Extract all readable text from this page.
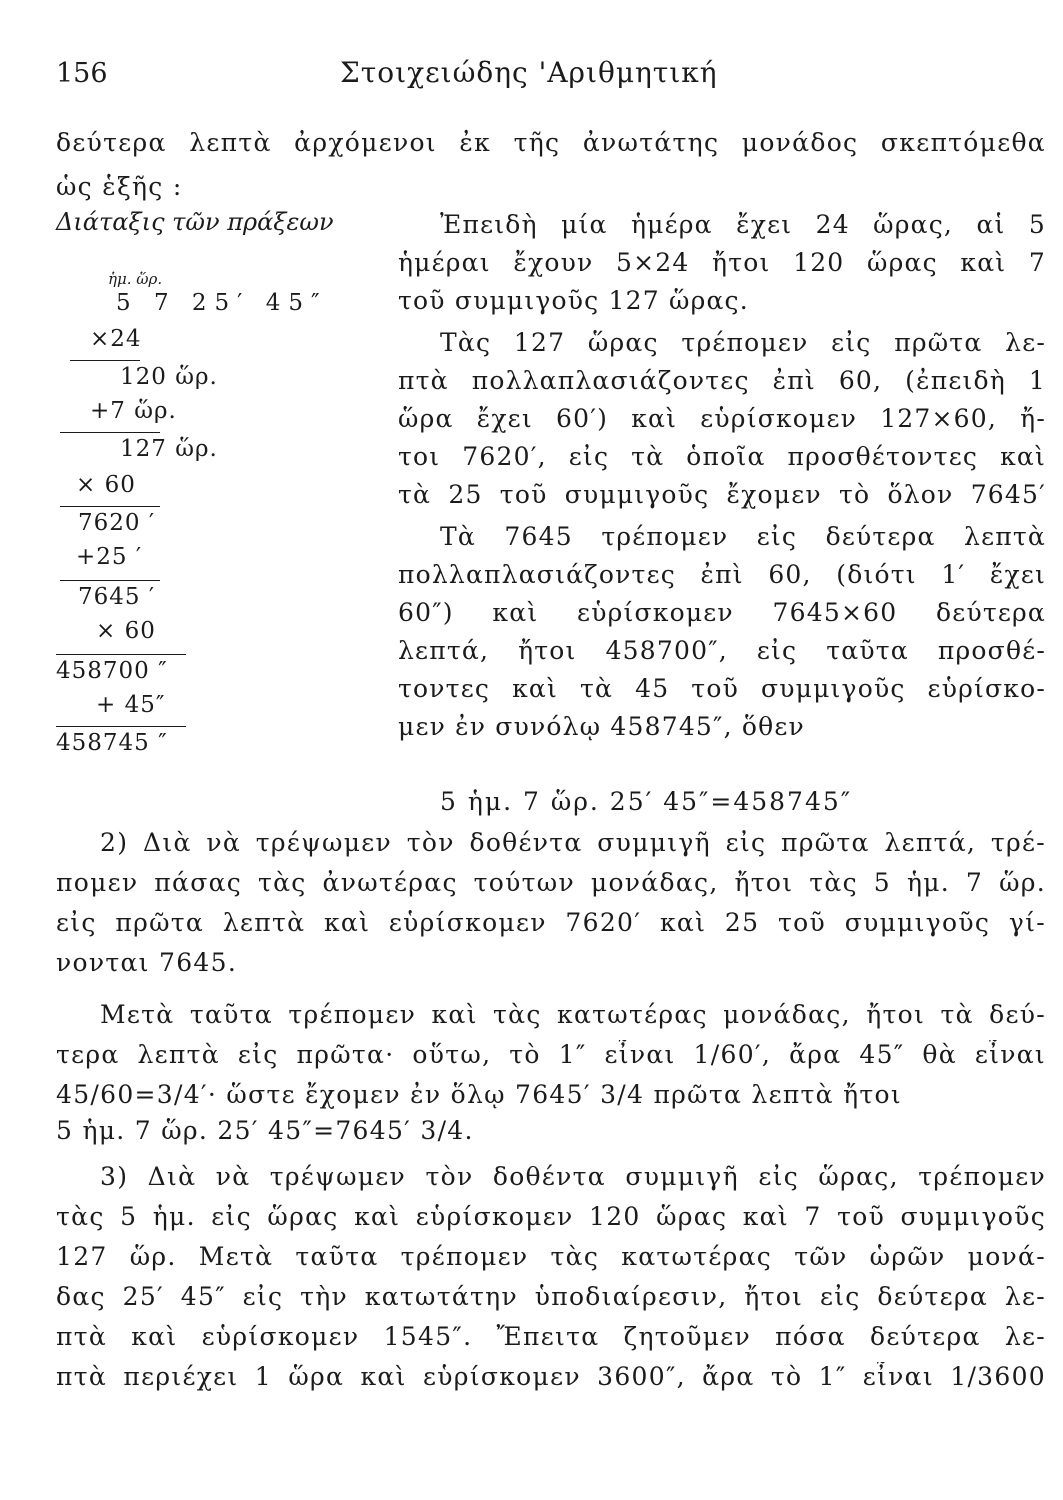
156	Στοιχειώδης 'Αριθμητική
δεύτερα λεπτὰ ἀρχόμενοι ἐκ τῆς ἀνωτάτης μονάδος σκεπτόμεθα
ὡς ἑξῆς :
Διάταξις τῶν πράξεων
ἡμ. ὥρ.
5 7 25′ 45″
×24
120 ὥρ.
+7 ὥρ.
127 ὥρ.
× 60
7620 ′
+25 ′
7645 ′
× 60
458700 ″
+ 45″
458745 ″
Ἐπειδὴ μία ἡμέρα ἔχει 24 ὥρας, αἱ 5
ἡμέραι ἔχουν 5×24 ἤτοι 120 ὥρας καὶ 7
τοῦ συμμιγοῦς 127 ὥρας.
Τὰς 127 ὥρας τρέπομεν εἰς πρῶτα λε-
πτὰ πολλαπλασιάζοντες ἐπὶ 60, (ἐπειδὴ 1
ὥρα ἔχει 60′) καὶ εὑρίσκομεν 127×60, ἤ-
τοι 7620′, εἰς τὰ ὁποῖα προσθέτοντες καὶ
τὰ 25 τοῦ συμμιγοῦς ἔχομεν τὸ ὅλον 7645′
Τὰ 7645 τρέπομεν εἰς δεύτερα λεπτὰ
πολλαπλασιάζοντες ἐπὶ 60, (διότι 1′ ἔχει
60″) καὶ εὑρίσκομεν 7645×60 δεύτερα
λεπτά, ἤτοι 458700″, εἰς ταῦτα προσθέ-
τοντες καὶ τὰ 45 τοῦ συμμιγοῦς εὑρίσκο-
μεν ἐν συνόλῳ 458745″, ὅθεν
5 ἡμ. 7 ὥρ. 25′ 45″=458745″
2) Διὰ νὰ τρέψωμεν τὸν δοθέντα συμμιγῆ εἰς πρῶτα λεπτά, τρέ-
πομεν πάσας τὰς ἀνωτέρας τούτων μονάδας, ἤτοι τὰς 5 ἡμ. 7 ὥρ.
εἰς πρῶτα λεπτὰ καὶ εὑρίσκομεν 7620′ καὶ 25 τοῦ συμμιγοῦς γί-
νονται 7645.
Μετὰ ταῦτα τρέπομεν καὶ τὰς κατωτέρας μονάδας, ἤτοι τὰ δεύ-
τερα λεπτὰ εἰς πρῶτα· οὕτω, τὸ 1″ εἶναι 1/60′, ἄρα 45″ θὰ εἶναι
45/60=3/4′· ὥστε ἔχομεν ἐν ὅλῳ 7645′ 3/4 πρῶτα λεπτὰ ἤτοι
5 ἡμ. 7 ὥρ. 25′ 45″=7645′ 3/4.
3) Διὰ νὰ τρέψωμεν τὸν δοθέντα συμμιγῆ εἰς ὥρας, τρέπομεν
τὰς 5 ἡμ. εἰς ὥρας καὶ εὑρίσκομεν 120 ὥρας καὶ 7 τοῦ συμμιγοῦς
127 ὥρ. Μετὰ ταῦτα τρέπομεν τὰς κατωτέρας τῶν ὡρῶν μονά-
δας 25′ 45″ εἰς τὴν κατωτάτην ὑποδιαίρεσιν, ἤτοι εἰς δεύτερα λε-
πτὰ καὶ εὑρίσκομεν 1545″. Ἔπειτα ζητοῦμεν πόσα δεύτερα λε-
πτὰ περιέχει 1 ὥρα καὶ εὑρίσκομεν 3600″, ἄρα τὸ 1″ εἶναι 1/3600
